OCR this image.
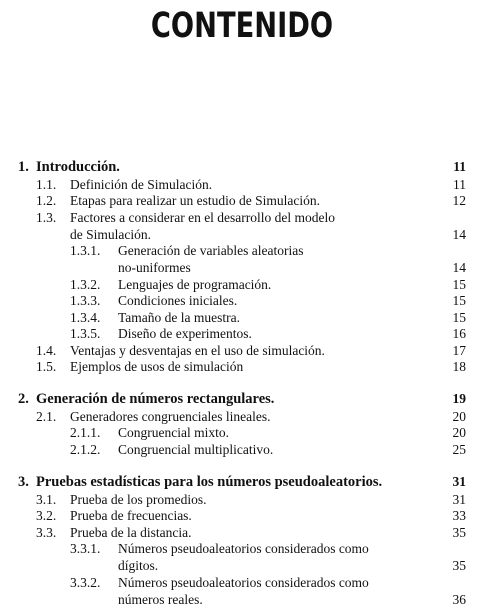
CONTENIDO
1. Introducción.	11
1.1. Definición de Simulación.	11
1.2. Etapas para realizar un estudio de Simulación.	12
1.3. Factores a considerar en el desarrollo del modelo
de Simulación.	14
1.3.1. Generación de variables aleatorias
no-uniformes	14
1.3.2. Lenguajes de programación.	15
1.3.3. Condiciones iniciales.	15
1.3.4. Tamaño de la muestra.	15
1.3.5. Diseño de experimentos.	16
1.4. Ventajas y desventajas en el uso de simulación.	17
1.5. Ejemplos de usos de simulación	18
2. Generación de números rectangulares.	19
2.1. Generadores congruenciales lineales.	20
2.1.1. Congruencial mixto.	20
2.1.2. Congruencial multiplicativo.	25
3. Pruebas estadísticas para los números pseudoaleatorios.	31
3.1. Prueba de los promedios.	31
3.2. Prueba de frecuencias.	33
3.3. Prueba de la distancia.	35
3.3.1. Números pseudoaleatorios considerados como
dígitos.	35
3.3.2. Números pseudoaleatorios considerados como
números reales.	36
